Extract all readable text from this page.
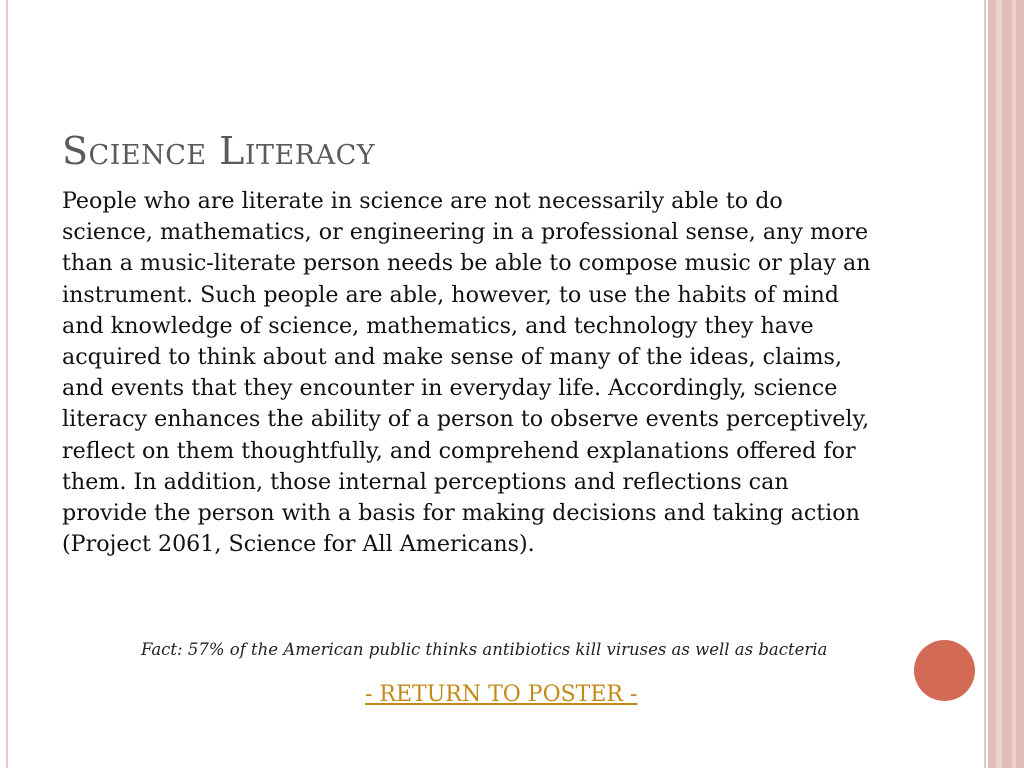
Science Literacy

People who are literate in science are not necessarily able to do science, mathematics, or engineering in a professional sense, any more than a music-literate person needs be able to compose music or play an instrument. Such people are able, however, to use the habits of mind and knowledge of science, mathematics, and technology they have acquired to think about and make sense of many of the ideas, claims, and events that they encounter in everyday life. Accordingly, science literacy enhances the ability of a person to observe events perceptively, reflect on them thoughtfully, and comprehend explanations offered for them. In addition, those internal perceptions and reflections can provide the person with a basis for making decisions and taking action (Project 2061, Science for All Americans).

Fact: 57% of the American public thinks antibiotics kill viruses as well as bacteria
- RETURN TO POSTER -
